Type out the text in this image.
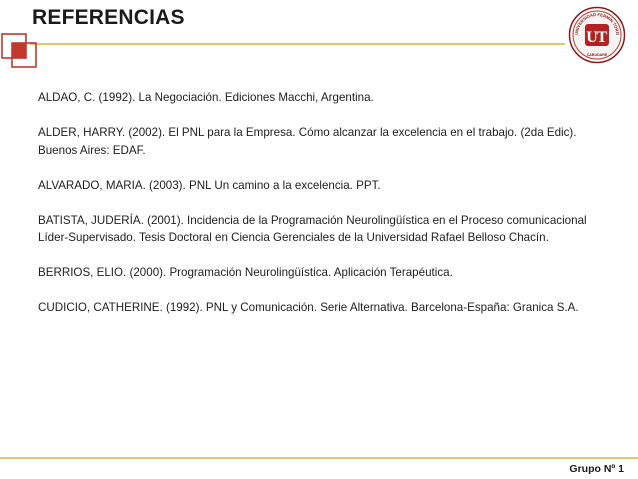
REFERENCIAS
UNIVERSIDAD FERMÍN TORO
U
T
CABUDARE

ALDAO, C. (1992). La Negociación. Ediciones Macchi, Argentina.

ALDER, HARRY. (2002). El PNL para la Empresa. Cómo alcanzar la excelencia en el trabajo. (2da Edic). Buenos Aires: EDAF.

ALVARADO, MARIA. (2003). PNL Un camino a la excelencia. PPT.

BATISTA, JUDERÍA. (2001). Incidencia de la Programación Neurolingüística en el Proceso comunicacional Líder-Supervisado. Tesis Doctoral en Ciencia Gerenciales de la Universidad Rafael Belloso Chacín.

BERRIOS, ELIO. (2000). Programación Neurolingüística. Aplicación Terapéutica.

CUDICIO, CATHERINE. (1992). PNL y Comunicación. Serie Alternativa. Barcelona-España: Granica S.A.

Grupo Nº 1
